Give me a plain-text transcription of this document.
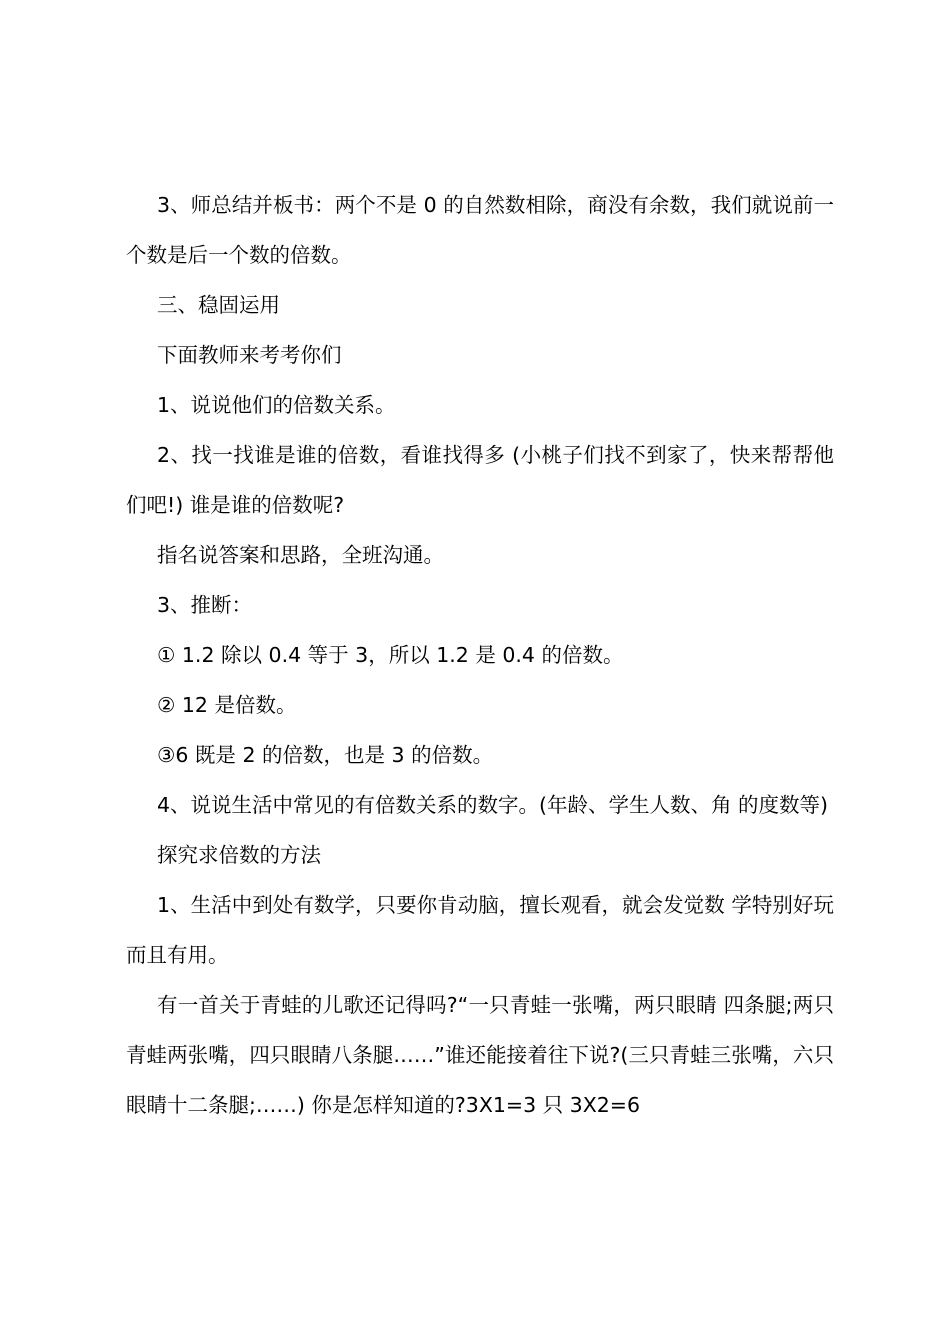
3、师总结并板书：两个不是 0 的自然数相除，商没有余数，我们就说前一个数是后一个数的倍数。

三、稳固运用

下面教师来考考你们

1、说说他们的倍数关系。

2、找一找谁是谁的倍数，看谁找得多 (小桃子们找不到家了，快来帮帮他们吧!) 谁是谁的倍数呢?

指名说答案和思路，全班沟通。

3、推断：

① 1.2 除以 0.4 等于 3，所以 1.2 是 0.4 的倍数。

② 12 是倍数。

③6 既是 2 的倍数，也是 3 的倍数。

4、说说生活中常见的有倍数关系的数字。(年龄、学生人数、角 的度数等)

探究求倍数的方法

1、生活中到处有数学，只要你肯动脑，擅长观看，就会发觉数 学特别好玩而且有用。

有一首关于青蛙的儿歌还记得吗?“一只青蛙一张嘴，两只眼睛 四条腿;两只青蛙两张嘴，四只眼睛八条腿……”谁还能接着往下说?(三只青蛙三张嘴，六只眼睛十二条腿;……) 你是怎样知道的?3X1=3 只 3X2=6
